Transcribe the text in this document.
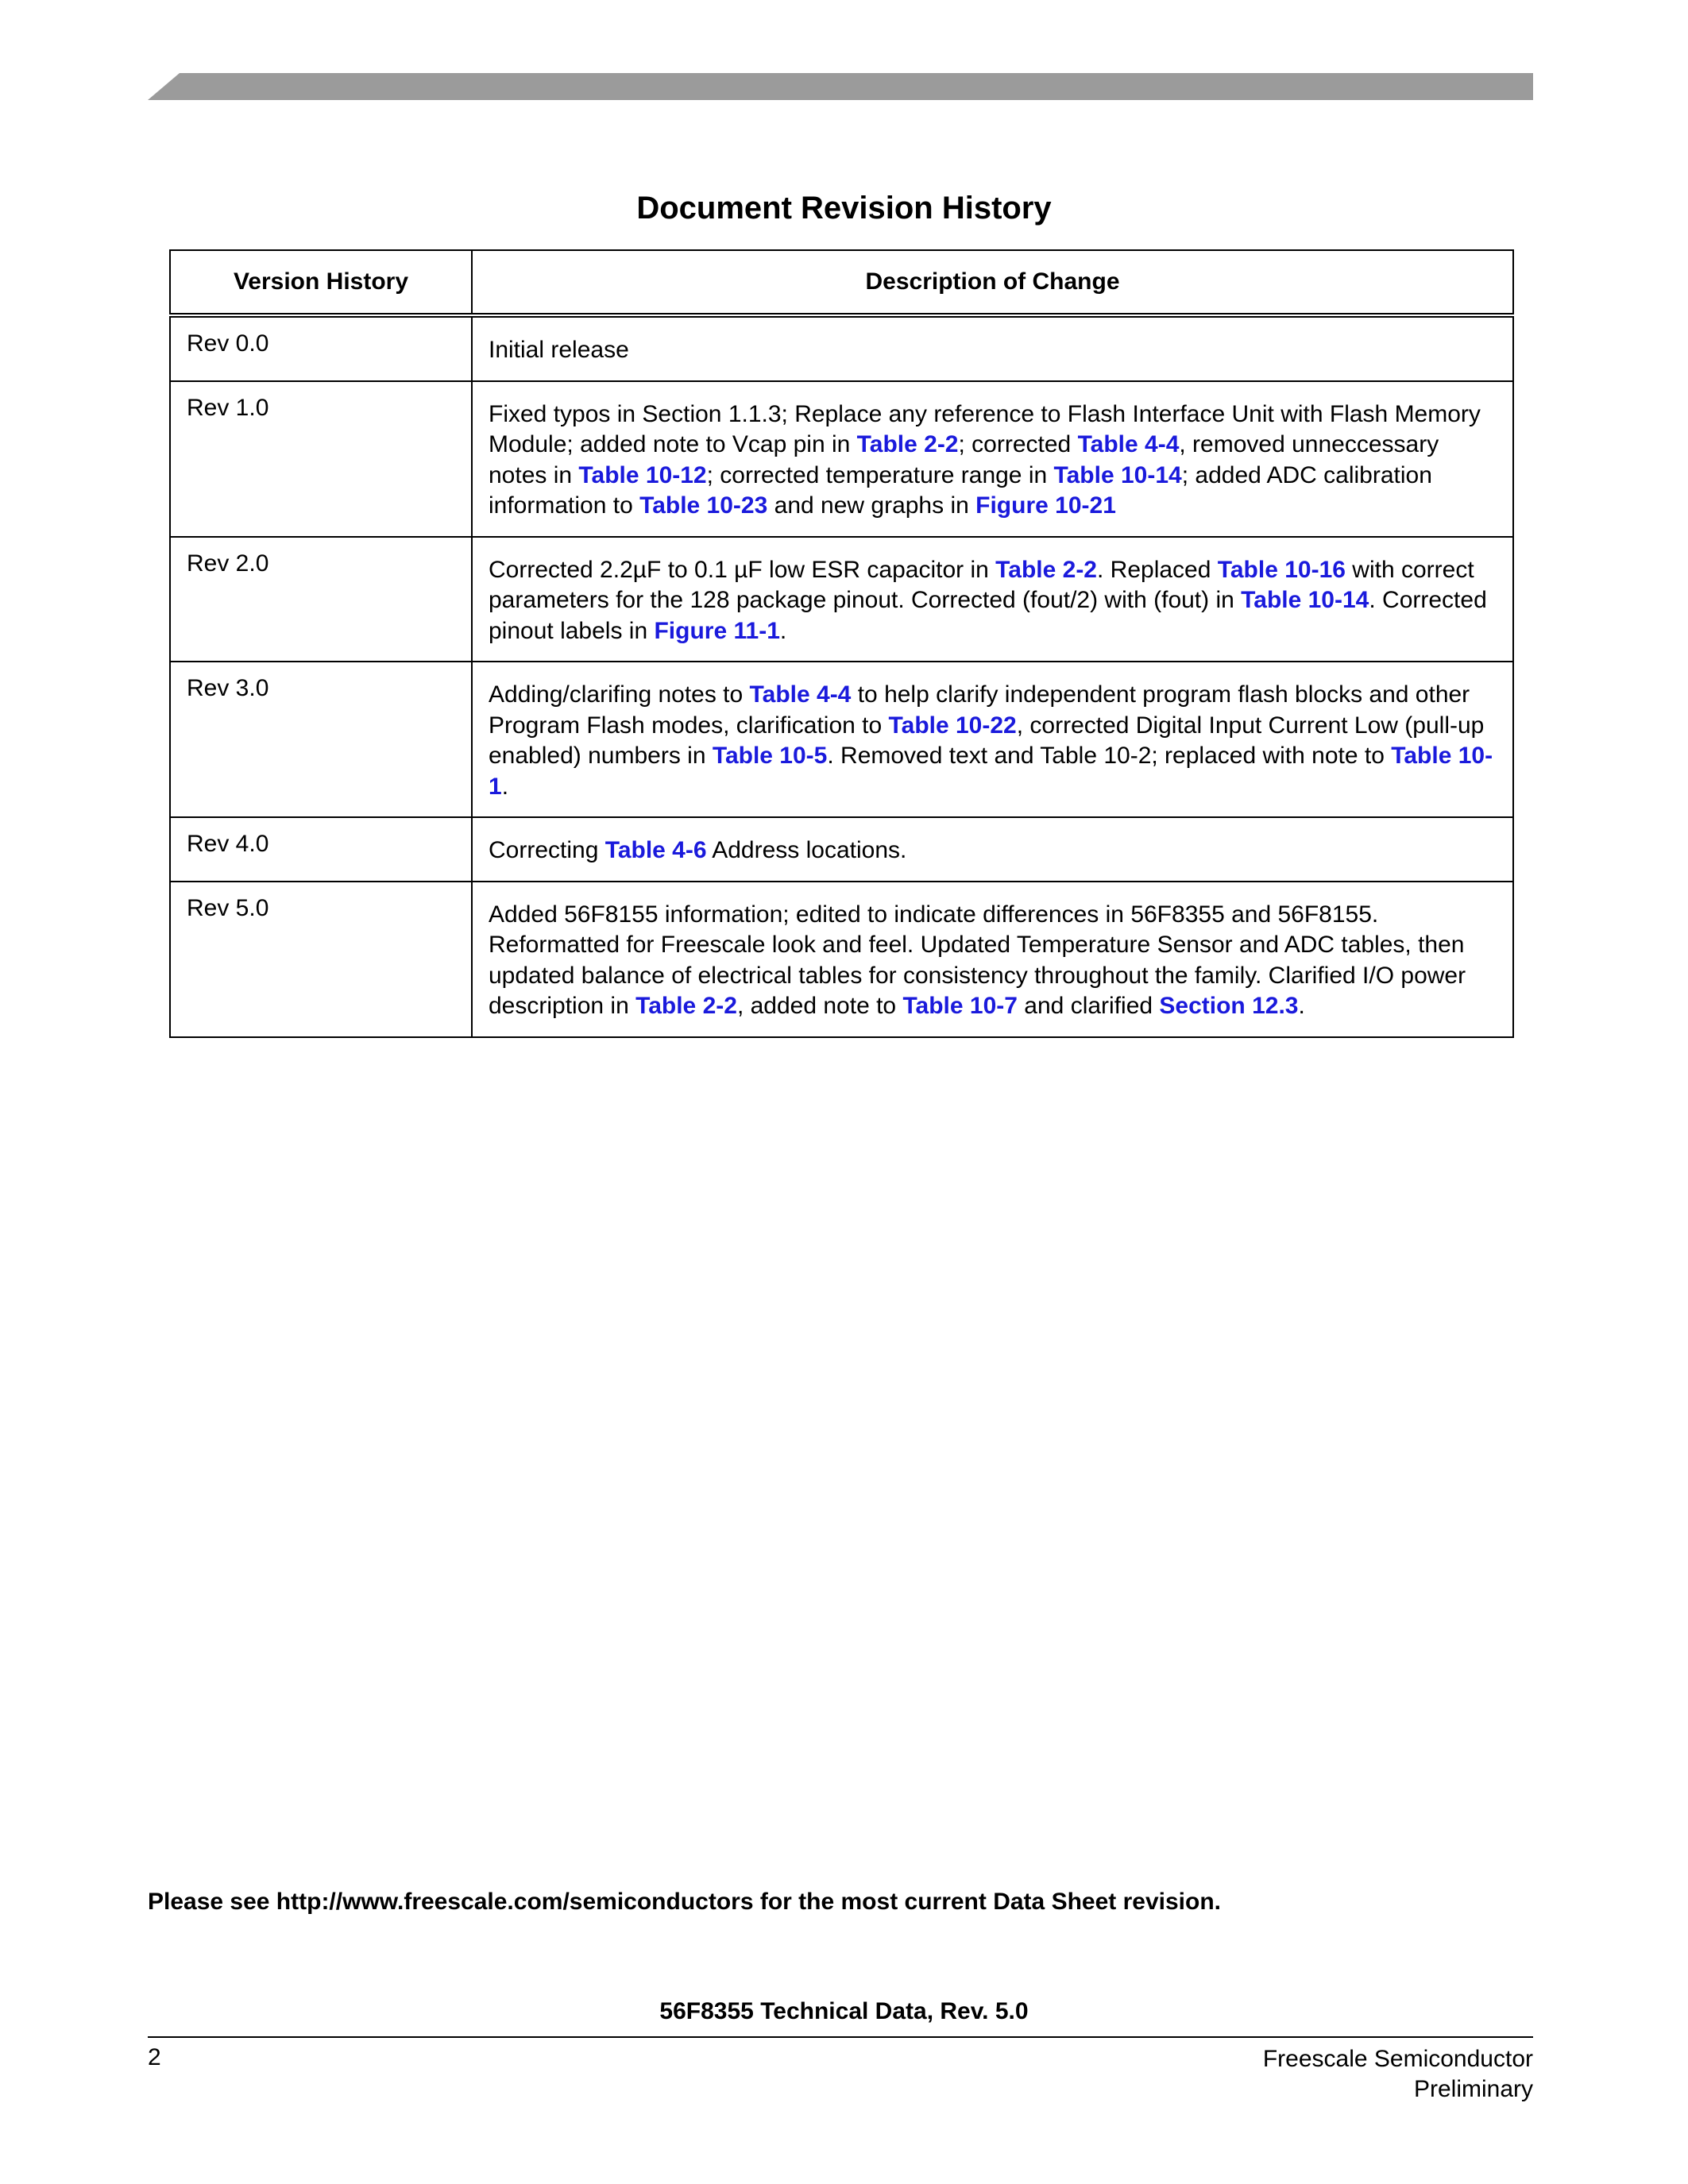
Document Revision History
Version History	Description of Change
Rev 0.0	Initial release
Rev 1.0	Fixed typos in Section 1.1.3; Replace any reference to Flash Interface Unit with Flash Memory Module; added note to Vcap pin in Table 2-2; corrected Table 4-4, removed unneccessary notes in Table 10-12; corrected temperature range in Table 10-14; added ADC calibration information to Table 10-23 and new graphs in Figure 10-21
Rev 2.0	Corrected 2.2µF to 0.1 µF low ESR capacitor in Table 2-2. Replaced Table 10-16 with correct parameters for the 128 package pinout. Corrected (fout/2) with (fout) in Table 10-14. Corrected pinout labels in Figure 11-1.
Rev 3.0	Adding/clarifing notes to Table 4-4 to help clarify independent program flash blocks and other Program Flash modes, clarification to Table 10-22, corrected Digital Input Current Low (pull-up enabled) numbers in Table 10-5. Removed text and Table 10-2; replaced with note to Table 10-1.
Rev 4.0	Correcting Table 4-6 Address locations.
Rev 5.0	Added 56F8155 information; edited to indicate differences in 56F8355 and 56F8155. Reformatted for Freescale look and feel. Updated Temperature Sensor and ADC tables, then updated balance of electrical tables for consistency throughout the family. Clarified I/O power description in Table 2-2, added note to Table 10-7 and clarified Section 12.3.
Please see http://www.freescale.com/semiconductors for the most current Data Sheet revision.
56F8355 Technical Data, Rev. 5.0
2	Freescale Semiconductor
Preliminary
